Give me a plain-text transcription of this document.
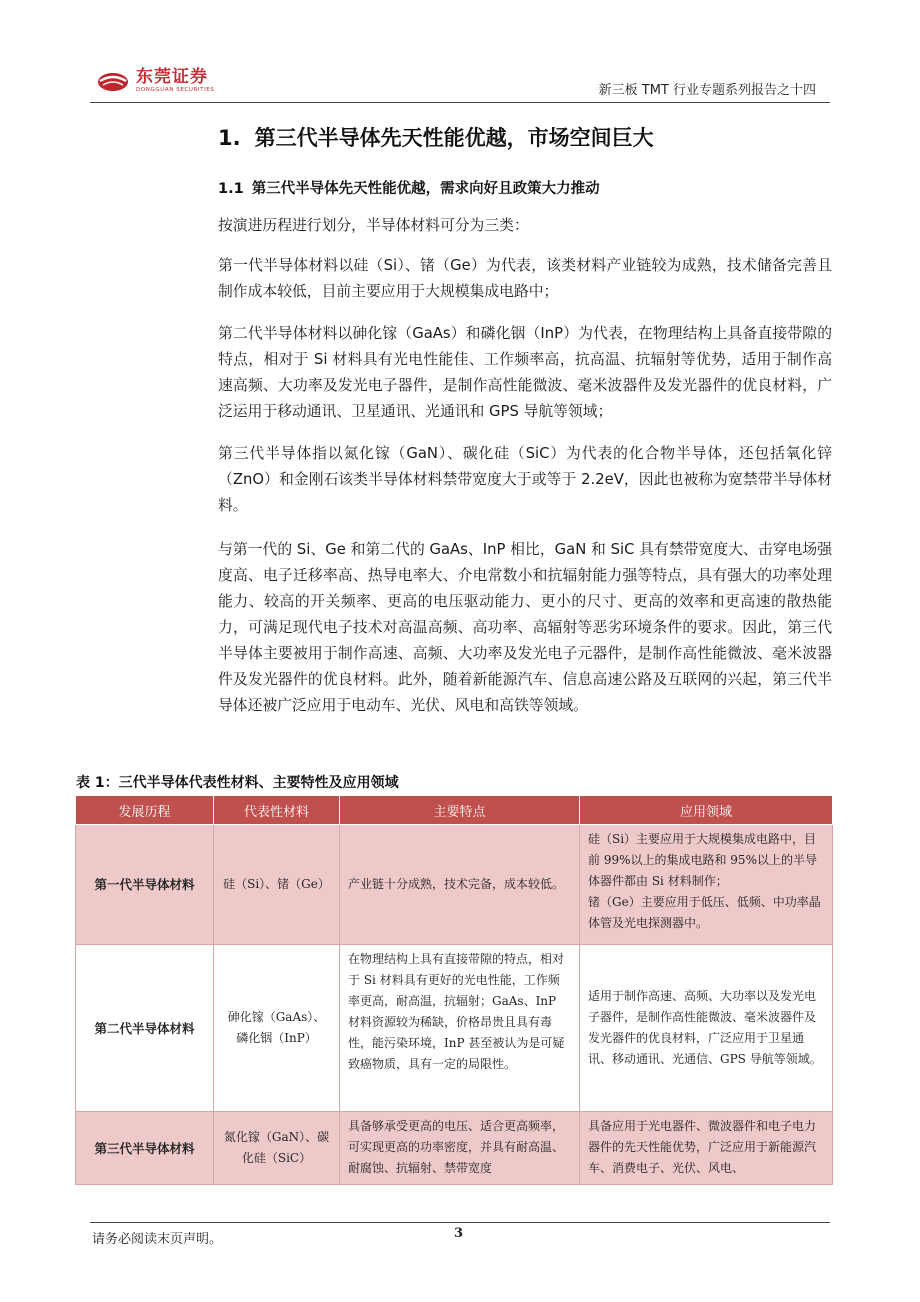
东莞证券
DONGGUAN SECURITIES	新三板 TMT 行业专题系列报告之十四
1. 第三代半导体先天性能优越，市场空间巨大
1.1 第三代半导体先天性能优越，需求向好且政策大力推动

按演进历程进行划分，半导体材料可分为三类：

第一代半导体材料以硅（Si）、锗（Ge）为代表，该类材料产业链较为成熟，技术储备完善且制作成本较低，目前主要应用于大规模集成电路中；

第二代半导体材料以砷化镓（GaAs）和磷化铟（InP）为代表，在物理结构上具备直接带隙的特点，相对于 Si 材料具有光电性能佳、工作频率高，抗高温、抗辐射等优势，适用于制作高速高频、大功率及发光电子器件，是制作高性能微波、毫米波器件及发光器件的优良材料，广泛运用于移动通讯、卫星通讯、光通讯和 GPS 导航等领域；

第三代半导体指以氮化镓（GaN）、碳化硅（SiC）为代表的化合物半导体，还包括氧化锌（ZnO）和金刚石该类半导体材料禁带宽度大于或等于 2.2eV，因此也被称为宽禁带半导体材料。

与第一代的 Si、Ge 和第二代的 GaAs、InP 相比，GaN 和 SiC 具有禁带宽度大、击穿电场强度高、电子迁移率高、热导电率大、介电常数小和抗辐射能力强等特点，具有强大的功率处理能力、较高的开关频率、更高的电压驱动能力、更小的尺寸、更高的效率和更高速的散热能力，可满足现代电子技术对高温高频、高功率、高辐射等恶劣环境条件的要求。因此，第三代半导体主要被用于制作高速、高频、大功率及发光电子元器件，是制作高性能微波、毫米波器件及发光器件的优良材料。此外，随着新能源汽车、信息高速公路及互联网的兴起，第三代半导体还被广泛应用于电动车、光伏、风电和高铁等领域。

表 1：三代半导体代表性材料、主要特性及应用领域
发展历程	代表性材料	主要特点	应用领域
第一代半导体材料	硅（Si）、锗（Ge）	产业链十分成熟，技术完备，成本较低。	硅（Si）主要应用于大规模集成电路中，目前 99%以上的集成电路和 95%以上的半导体器件都由 Si 材料制作；
锗（Ge）主要应用于低压、低频、中功率晶体管及光电探测器中。

第二代半导体材料	砷化镓（GaAs）、磷化铟（InP）	在物理结构上具有直接带隙的特点，相对于 Si 材料具有更好的光电性能，工作频率更高，耐高温，抗辐射；GaAs、InP 材料资源较为稀缺，价格昂贵且具有毒性，能污染环境，InP 甚至被认为是可疑致癌物质，具有一定的局限性。	适用于制作高速、高频、大功率以及发光电子器件，是制作高性能微波、毫米波器件及发光器件的优良材料，广泛应用于卫星通讯、移动通讯、光通信、GPS 导航等领域。
第三代半导体材料	氮化镓（GaN）、碳化硅（SiC）	具备够承受更高的电压、适合更高频率，可实现更高的功率密度，并具有耐高温、耐腐蚀、抗辐射、禁带宽度	具备应用于光电器件、微波器件和电子电力器件的先天性能优势，广泛应用于新能源汽车、消费电子、光伏、风电、
请务必阅读末页声明。	3
